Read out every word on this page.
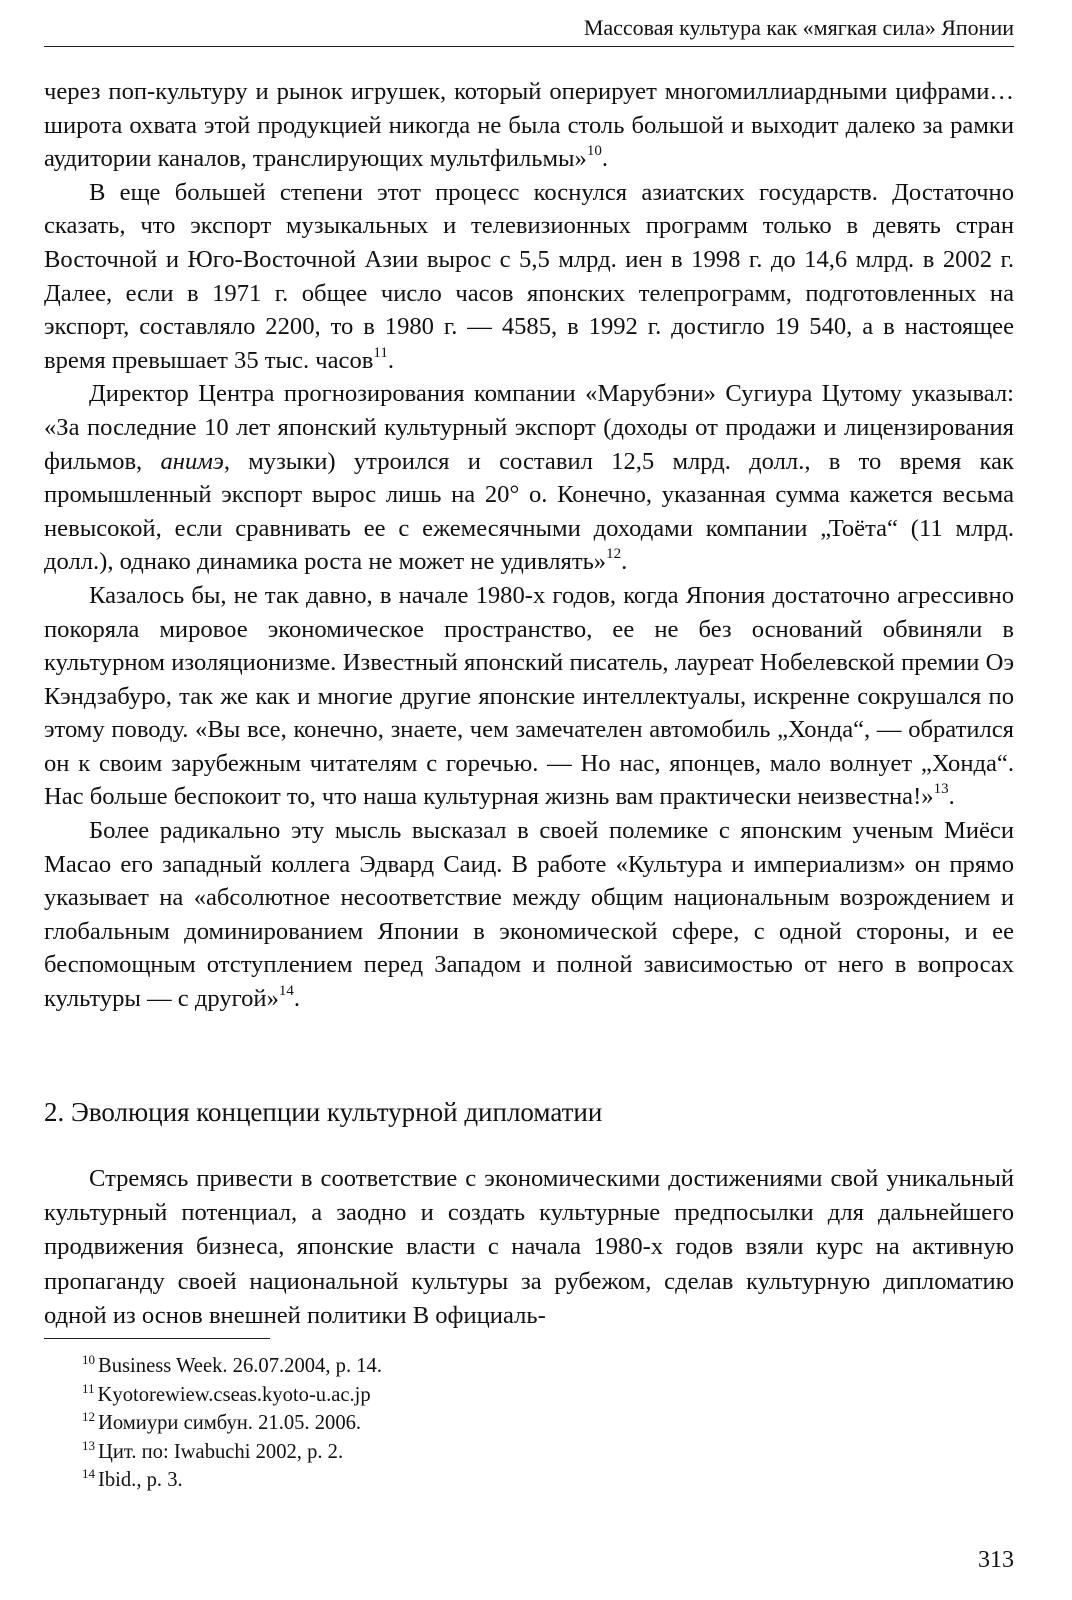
Массовая культура как «мягкая сила» Японии

через поп-культуру и рынок игрушек, который оперирует многомиллиардными цифрами… широта охвата этой продукцией никогда не была столь большой и выходит далеко за рамки аудитории каналов, транслирующих мультфильмы»$^{10}$.

В еще большей степени этот процесс коснулся азиатских государств. Достаточно сказать, что экспорт музыкальных и телевизионных программ только в девять стран Восточной и Юго-Восточной Азии вырос с 5,5 млрд. иен в 1998 г. до 14,6 млрд. в 2002 г. Далее, если в 1971 г. общее число часов японских телепрограмм, подготовленных на экспорт, составляло 2200, то в 1980 г. — 4585, в 1992 г. достигло 19 540, а в настоящее время превышает 35 тыс. часов$^{11}$.

Директор Центра прогнозирования компании «Марубэни» Сугиура Цутому указывал: «За последние 10 лет японский культурный экспорт (доходы от продажи и лицензирования фильмов, анимэ, музыки) утроился и составил 12,5 млрд. долл., в то время как промышленный экспорт вырос лишь на 20° о. Конечно, указанная сумма кажется весьма невысокой, если сравнивать ее с ежемесячными доходами компании „Тоёта“ (11 млрд. долл.), однако динамика роста не может не удивлять»$^{12}$.

Казалось бы, не так давно, в начале 1980-х годов, когда Япония достаточно агрессивно покоряла мировое экономическое пространство, ее не без оснований обвиняли в культурном изоляционизме. Известный японский писатель, лауреат Нобелевской премии Оэ Кэндзабуро, так же как и многие другие японские интеллектуалы, искренне сокрушался по этому поводу. «Вы все, конечно, знаете, чем замечателен автомобиль „Хонда“, — обратился он к своим зарубежным читателям с горечью. — Но нас, японцев, мало волнует „Хонда“. Нас больше беспокоит то, что наша культурная жизнь вам практически неизвестна!»$^{13}$.

Более радикально эту мысль высказал в своей полемике с японским ученым Миёси Масао его западный коллега Эдвард Саид. В работе «Культура и империализм» он прямо указывает на «абсолютное несоответствие между общим национальным возрождением и глобальным доминированием Японии в экономической сфере, с одной стороны, и ее беспомощным отступлением перед Западом и полной зависимостью от него в вопросах культуры — с другой»$^{14}$.

2. Эволюция концепции культурной дипломатии

Стремясь привести в соответствие с экономическими достижениями свой уникальный культурный потенциал, а заодно и создать культурные предпосылки для дальнейшего продвижения бизнеса, японские власти с начала 1980-х годов взяли курс на активную пропаганду своей национальной культуры за рубежом, сделав культурную дипломатию одной из основ внешней политики В официаль-

$^{10}$ Business Week. 26.07.2004, p. 14.
$^{11}$ Kyotorewiew.cseas.kyoto-u.ac.jp
$^{12}$ Иомиури симбун. 21.05. 2006.
$^{13}$ Цит. по: Iwabuchi 2002, p. 2.
$^{14}$ Ibid., p. 3.
313
